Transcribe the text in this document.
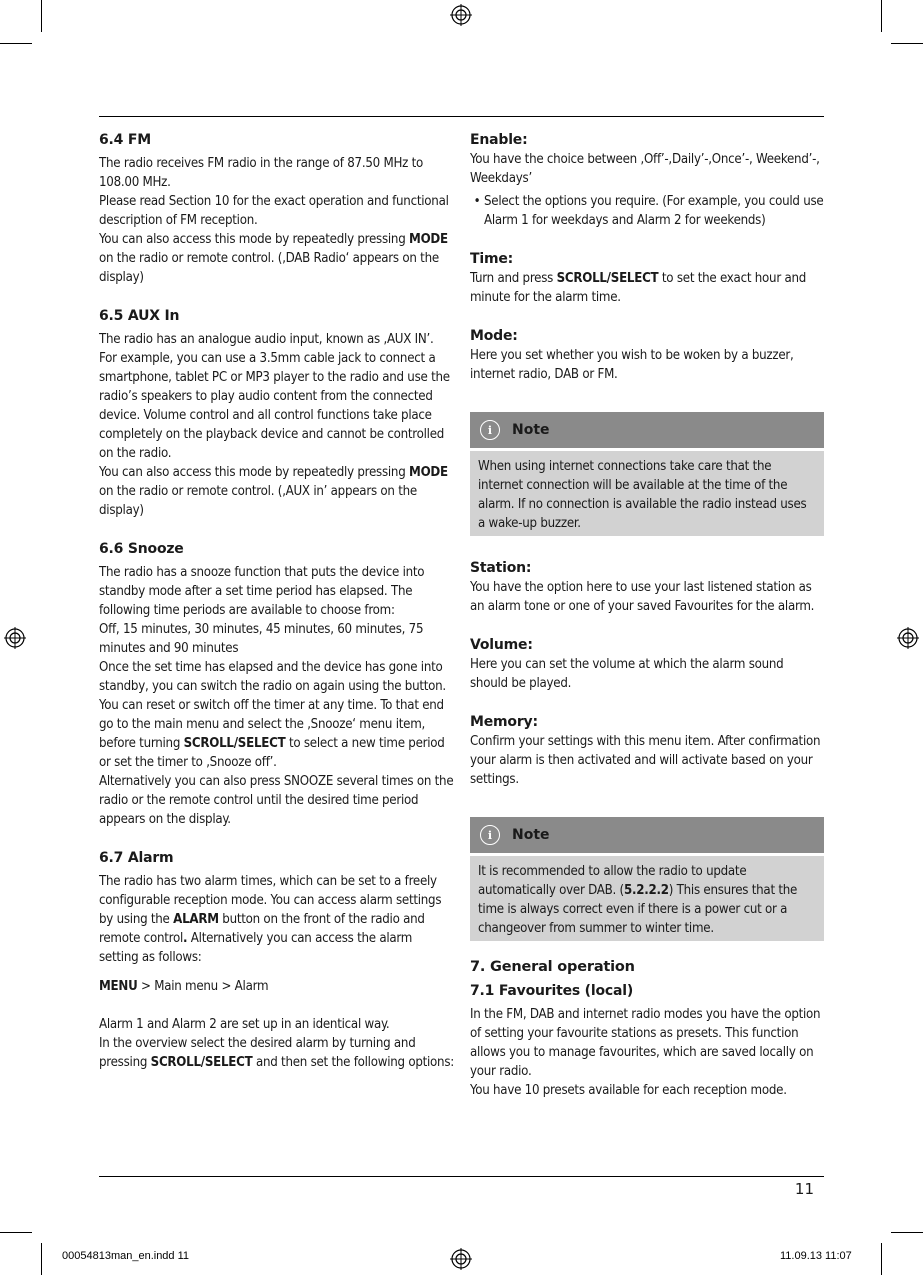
6.4 FM

The radio receives FM radio in the range of 87.50 MHz to 108.00 MHz.

Please read Section 10 for the exact operation and functional description of FM reception.

You can also access this mode by repeatedly pressing MODE on the radio or remote control. (‚DAB Radio‘ appears on the display)

6.5 AUX In

The radio has an analogue audio input, known as ‚AUX IN’. For example, you can use a 3.5mm cable jack to connect a smartphone, tablet PC or MP3 player to the radio and use the radio’s speakers to play audio content from the connected device. Volume control and all control functions take place completely on the playback device and cannot be controlled on the radio.

You can also access this mode by repeatedly pressing MODE on the radio or remote control. (‚AUX in’ appears on the display)

6.6 Snooze

The radio has a snooze function that puts the device into standby mode after a set time period has elapsed. The following time periods are available to choose from:

Off, 15 minutes, 30 minutes, 45 minutes, 60 minutes, 75 minutes and 90 minutes

Once the set time has elapsed and the device has gone into standby, you can switch the radio on again using the button. You can reset or switch off the timer at any time. To that end go to the main menu and select the ‚Snooze‘ menu item, before turning SCROLL/SELECT to select a new time period or set the timer to ‚Snooze off’.

Alternatively you can also press SNOOZE several times on the radio or the remote control until the desired time period appears on the display.

6.7 Alarm

The radio has two alarm times, which can be set to a freely configurable reception mode. You can access alarm settings by using the ALARM button on the front of the radio and remote control. Alternatively you can access the alarm setting as follows:

MENU > Main menu > Alarm

Alarm 1 and Alarm 2 are set up in an identical way.

In the overview select the desired alarm by turning and pressing SCROLL/SELECT and then set the following options:

Enable:

You have the choice between ‚Off’-,Daily’-,Once’-, Weekend’-, Weekdays’

• Select the options you require. (For example, you could use Alarm 1 for weekdays and Alarm 2 for weekends)

Time:

Turn and press SCROLL/SELECT to set the exact hour and minute for the alarm time.

Mode:

Here you set whether you wish to be woken by a buzzer, internet radio, DAB or FM.

i	Note

When using internet connections take care that the internet connection will be available at the time of the alarm. If no connection is available the radio instead uses a wake-up buzzer.

Station:

You have the option here to use your last listened station as an alarm tone or one of your saved Favourites for the alarm.

Volume:

Here you can set the volume at which the alarm sound should be played.

Memory:

Confirm your settings with this menu item. After confirmation your alarm is then activated and will activate based on your settings.

i	Note

It is recommended to allow the radio to update automatically over DAB. (5.2.2.2) This ensures that the time is always correct even if there is a power cut or a changeover from summer to winter time.

7. General operation
7.1 Favourites (local)

In the FM, DAB and internet radio modes you have the option of setting your favourite stations as presets. This function allows you to manage favourites, which are saved locally on your radio.

You have 10 presets available for each reception mode.

11
00054813man_en.indd 11	11.09.13 11:07
